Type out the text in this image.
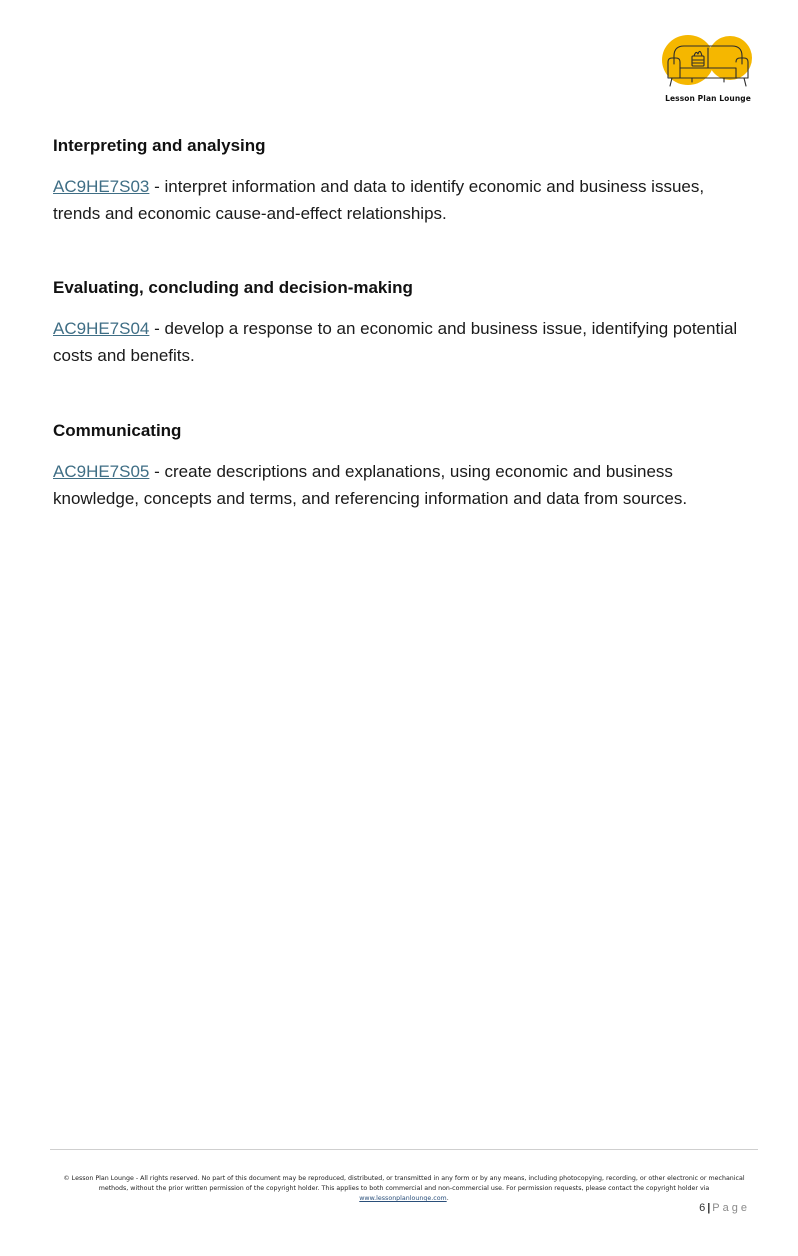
Lesson Plan Lounge
Interpreting and analysing

AC9HE7S03 - interpret information and data to identify economic and business issues, trends and economic cause-and-effect relationships.

Evaluating, concluding and decision-making

AC9HE7S04 - develop a response to an economic and business issue, identifying potential costs and benefits.

Communicating

AC9HE7S05 - create descriptions and explanations, using economic and business knowledge, concepts and terms, and referencing information and data from sources.

© Lesson Plan Lounge - All rights reserved. No part of this document may be reproduced, distributed, or transmitted in any form or by any means, including photocopying, recording, or other electronic or mechanical methods, without the prior written permission of the copyright holder. This applies to both commercial and non-commercial use. For permission requests, please contact the copyright holder via www.lessonplanlounge.com.
6 | Page
